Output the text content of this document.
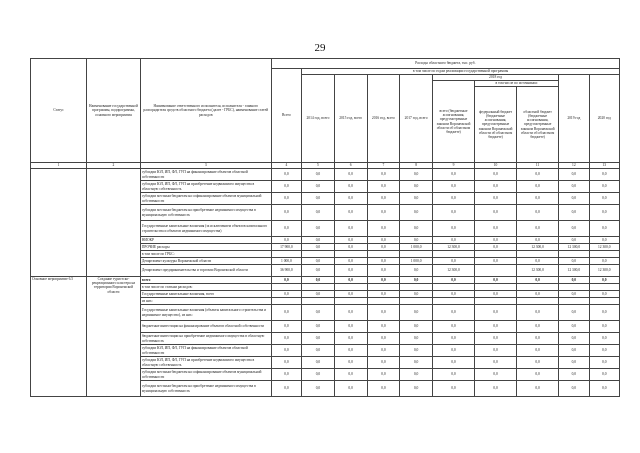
29
Статус	Наименование государственной программы, подпрограммы, основного мероприятия	Наименование ответственного исполнителя, исполнителя - главного распорядителя средств областного бюджета (далее - ГРБС), наименование статей расходов	Расходы областного бюджета, тыс. руб.									
			Всего	в том числе по годам реализации государственной программы								
				2014 год, всего	2015 год, всего	2016 год, всего	2017 год, всего	2018 год			2019 год	2020 год
								всего (бюджетные ассигнования, предусмотренные законом Воронежской области об областном бюджете)	в том числе по источникам:			
									федеральный бюджет (бюджетные ассигнования, предусмотренные законом Воронежской области об областном бюджете)	областной бюджет (бюджетные ассигнования, предусмотренные законом Воронежской области об областном бюджете)		
1	2	3	4	5	6	7	8	9	10	11	12	13
		субсидии ЮЛ, ИП, ФЛ, ГУП на финансирование объектов областной собственности	0,0	0,0	0,0	0,0	0,0	0,0	0,0	0,0	0,0	0,0
		субсидии ЮЛ, ИП, ФЛ, ГУП на приобретение недвижимого имущества в областную собственность	0,0	0,0	0,0	0,0	0,0	0,0	0,0	0,0	0,0	0,0
		субсидии местным бюджетам на софинансирование объектов муниципальной собственности	0,0	0,0	0,0	0,0	0,0	0,0	0,0	0,0	0,0	0,0
		субсидии местным бюджетам на приобретение недвижимого имущества в муниципальную собственность	0,0	0,0	0,0	0,0	0,0	0,0	0,0	0,0	0,0	0,0
		Государственные капитальные вложения (за исключением объектов капитального строительства и объектов недвижимого имущества)	0,0	0,0	0,0	0,0	0,0	0,0	0,0	0,0	0,0	0,0
		НИОКР	0,0	0,0	0,0	0,0	0,0	0,0	0,0	0,0	0,0	0,0
		ПРОЧИЕ расходы	17 900,0	0,0	0,0	0,0	1 000,0	12 300,0	0,0	12 300,0	12 300,0	12 300,0
		в том числе по ГРБС:										
		Департамент культуры Воронежской области	1 000,0	0,0	0,0	0,0	1 000,0	0,0	0,0	0,0	0,0	0,0
		Департамент предпринимательства и торговли Воронежской области	36 900,0	0,0	0,0	0,0	0,0	12 300,0		12 300,0	12 300,0	12 300,0
Основное мероприятие 6.5	Создание туристско-рекреационного кластера на территории Воронежской области	всего	0,0	0,0	0,0	0,0	0,0	0,0	0,0	0,0	0,0	0,0
		в том числе по статьям расходов:										
		Государственные капитальные вложения, всего	0,0	0,0	0,0	0,0	0,0	0,0	0,0	0,0	0,0	0,0
		из них:										
		Государственные капитальные вложения (объекты капитального строительства и недвижимое имущество), из них:	0,0	0,0	0,0	0,0	0,0	0,0	0,0	0,0	0,0	0,0
		бюджетные инвестиции на финансирование объектов областной собственности	0,0	0,0	0,0	0,0	0,0	0,0	0,0	0,0	0,0	0,0
		бюджетные инвестиции на приобретение недвижимого имущества в областную собственность	0,0	0,0	0,0	0,0	0,0	0,0	0,0	0,0	0,0	0,0
		субсидии ЮЛ, ИП, ФЛ, ГУП на финансирование объектов областной собственности	0,0	0,0	0,0	0,0	0,0	0,0	0,0	0,0	0,0	0,0
		субсидии ЮЛ, ИП, ФЛ, ГУП на приобретение недвижимого имущества в областную собственность	0,0	0,0	0,0	0,0	0,0	0,0	0,0	0,0	0,0	0,0
		субсидии местным бюджетам на софинансирование объектов муниципальной собственности	0,0	0,0	0,0	0,0	0,0	0,0	0,0	0,0	0,0	0,0
		субсидии местным бюджетам на приобретение недвижимого имущества в муниципальную собственность	0,0	0,0	0,0	0,0	0,0	0,0	0,0	0,0	0,0	0,0
